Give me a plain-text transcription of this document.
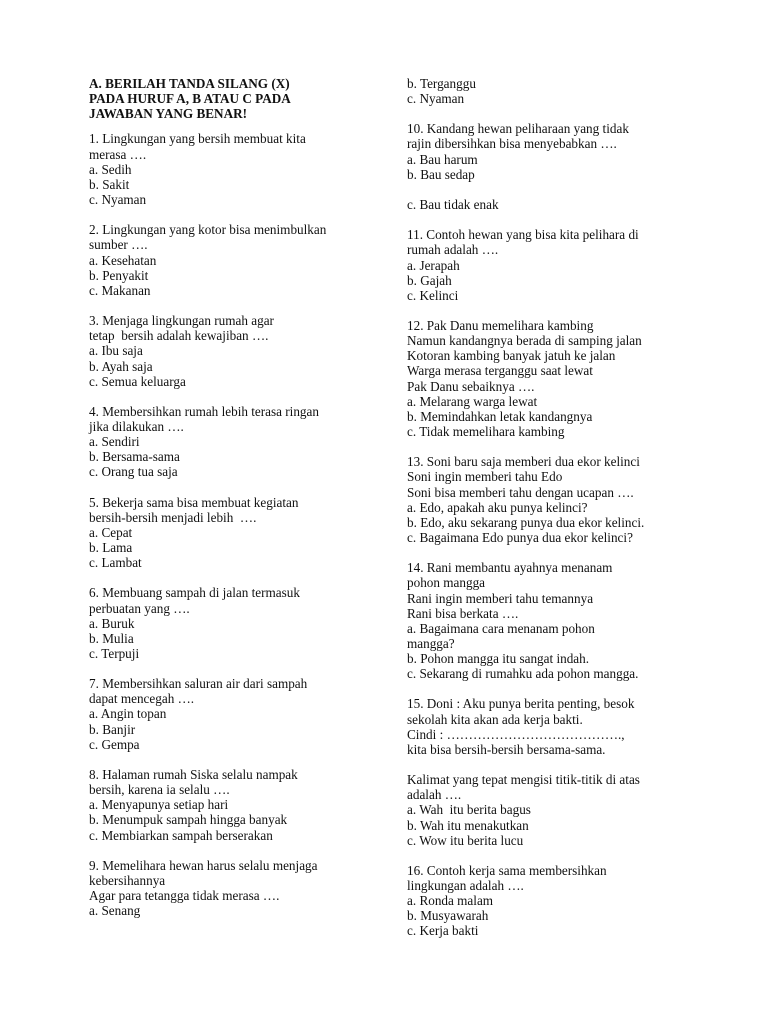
A. BERILAH TANDA SILANG (X)
PADA HURUF A, B ATAU C PADA
JAWABAN YANG BENAR!
1. Lingkungan yang bersih membuat kita
merasa ….
a. Sedih
b. Sakit
c. Nyaman
2. Lingkungan yang kotor bisa menimbulkan
sumber ….
a. Kesehatan
b. Penyakit
c. Makanan
3. Menjaga lingkungan rumah agar
tetap  bersih adalah kewajiban ….
a. Ibu saja
b. Ayah saja
c. Semua keluarga
4. Membersihkan rumah lebih terasa ringan
jika dilakukan ….
a. Sendiri
b. Bersama-sama
c. Orang tua saja
5. Bekerja sama bisa membuat kegiatan
bersih-bersih menjadi lebih  ….
a. Cepat
b. Lama
c. Lambat
6. Membuang sampah di jalan termasuk
perbuatan yang ….
a. Buruk
b. Mulia
c. Terpuji
7. Membersihkan saluran air dari sampah
dapat mencegah ….
a. Angin topan
b. Banjir
c. Gempa
8. Halaman rumah Siska selalu nampak
bersih, karena ia selalu ….
a. Menyapunya setiap hari
b. Menumpuk sampah hingga banyak
c. Membiarkan sampah berserakan
9. Memelihara hewan harus selalu menjaga
kebersihannya
Agar para tetangga tidak merasa ….
a. Senang
b. Terganggu
c. Nyaman
10. Kandang hewan peliharaan yang tidak
rajin dibersihkan bisa menyebabkan ….
a. Bau harum
b. Bau sedap
c. Bau tidak enak
11. Contoh hewan yang bisa kita pelihara di
rumah adalah ….
a. Jerapah
b. Gajah
c. Kelinci
12. Pak Danu memelihara kambing
Namun kandangnya berada di samping jalan
Kotoran kambing banyak jatuh ke jalan
Warga merasa terganggu saat lewat
Pak Danu sebaiknya ….
a. Melarang warga lewat
b. Memindahkan letak kandangnya
c. Tidak memelihara kambing
13. Soni baru saja memberi dua ekor kelinci
Soni ingin memberi tahu Edo
Soni bisa memberi tahu dengan ucapan ….
a. Edo, apakah aku punya kelinci?
b. Edo, aku sekarang punya dua ekor kelinci.
c. Bagaimana Edo punya dua ekor kelinci?
14. Rani membantu ayahnya menanam
pohon mangga
Rani ingin memberi tahu temannya
Rani bisa berkata ….
a. Bagaimana cara menanam pohon
mangga?
b. Pohon mangga itu sangat indah.
c. Sekarang di rumahku ada pohon mangga.
15. Doni : Aku punya berita penting, besok
sekolah kita akan ada kerja bakti.
Cindi : ………………………………….,
kita bisa bersih-bersih bersama-sama.
Kalimat yang tepat mengisi titik-titik di atas
adalah ….
a. Wah  itu berita bagus
b. Wah itu menakutkan
c. Wow itu berita lucu
16. Contoh kerja sama membersihkan
lingkungan adalah ….
a. Ronda malam
b. Musyawarah
c. Kerja bakti
